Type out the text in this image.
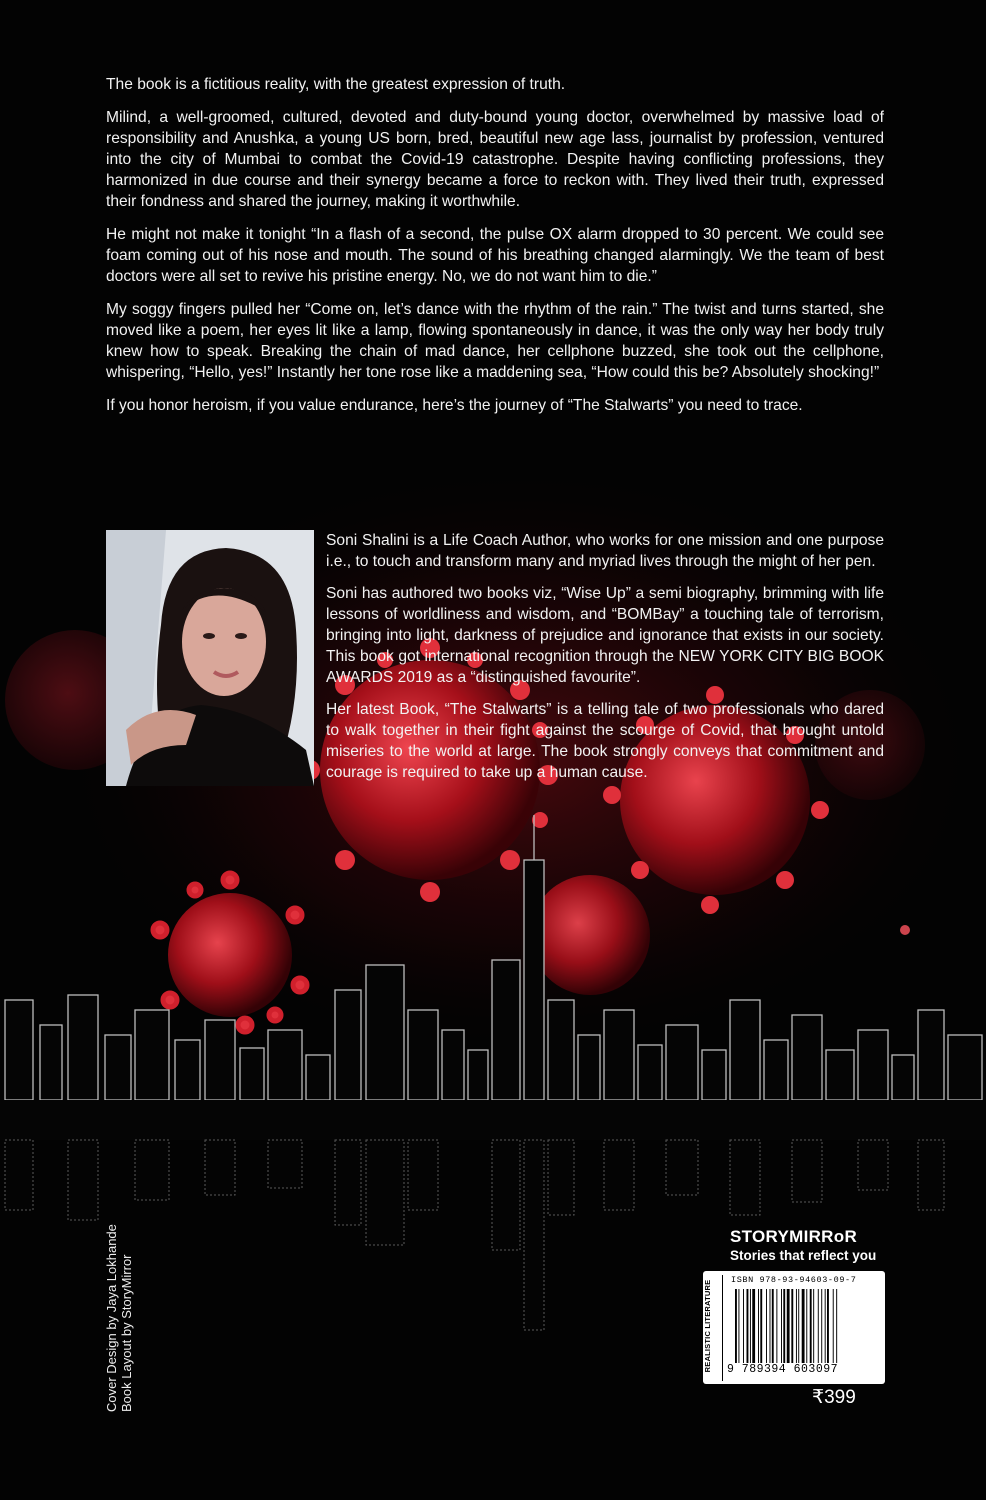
The book is a fictitious reality, with the greatest expression of truth.

Milind, a well-groomed, cultured, devoted and duty-bound young doctor, overwhelmed by massive load of responsibility and Anushka, a young US born, bred, beautiful new age lass, journalist by profession, ventured into the city of Mumbai to combat the Covid-19 catastrophe. Despite having conflicting professions, they harmonized in due course and their synergy became a force to reckon with. They lived their truth, expressed their fondness and shared the journey, making it worthwhile.

He might not make it tonight “In a flash of a second, the pulse OX alarm dropped to 30 percent. We could see foam coming out of his nose and mouth. The sound of his breathing changed alarmingly. We the team of best doctors were all set to revive his pristine energy. No, we do not want him to die.”

My soggy fingers pulled her “Come on, let’s dance with the rhythm of the rain.” The twist and turns started, she moved like a poem, her eyes lit like a lamp, flowing spontaneously in dance, it was the only way her body truly knew how to speak. Breaking the chain of mad dance, her cellphone buzzed, she took out the cellphone, whispering, “Hello, yes!” Instantly her tone rose like a maddening sea, “How could this be? Absolutely shocking!”

If you honor heroism, if you value endurance, here’s the journey of “The Stalwarts” you need to trace.

Soni Shalini is a Life Coach Author, who works for one mission and one purpose i.e., to touch and transform many and myriad lives through the might of her pen.

Soni has authored two books viz, “Wise Up” a semi biography, brimming with life lessons of worldliness and wisdom, and “BOMBay” a touching tale of terrorism, bringing into light, darkness of prejudice and ignorance that exists in our society. This book got international recognition through the NEW YORK CITY BIG BOOK AWARDS 2019 as a “distinguished favourite”.

Her latest Book, “The Stalwarts” is a telling tale of two professionals who dared to walk together in their fight against the scourge of Covid, that brought untold miseries to the world at large. The book strongly conveys that commitment and courage is required to take up a human cause.

Cover Design by Jaya Lokhande Book Layout by StoryMirror
STORYMIRRoR
Stories that reflect you
REALISTIC LITERATURE ISBN 978-93-94603-09-7
9 789394 603097
₹399
